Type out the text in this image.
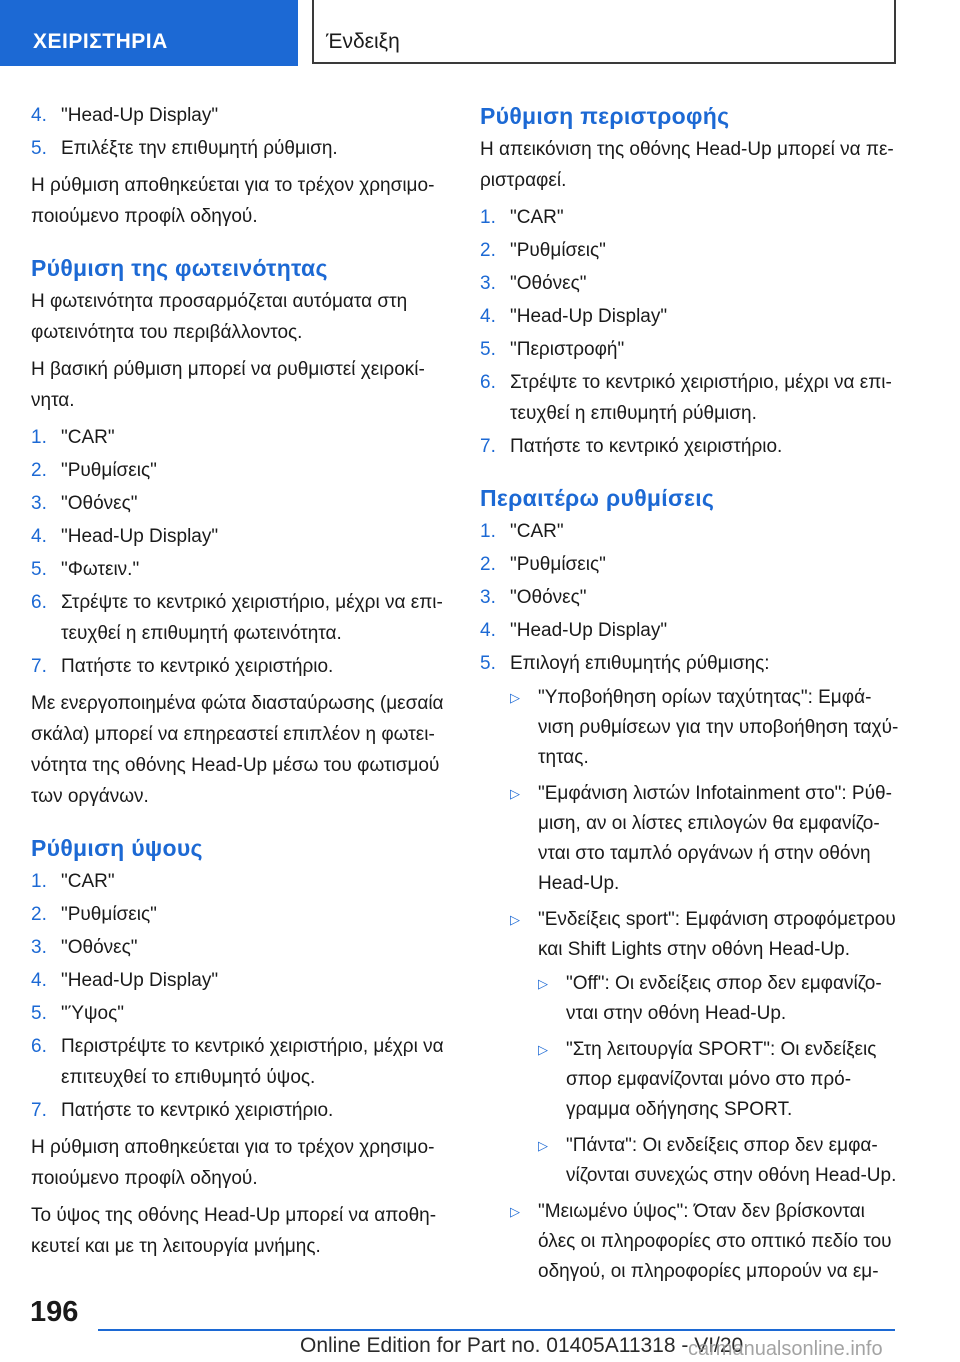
ΧΕΙΡΙΣΤΗΡΙΑ	Ένδειξη
4. "Head-Up Display"
5. Επιλέξτε την επιθυμητή ρύθμιση.

Η ρύθμιση αποθηκεύεται για το τρέχον χρησιμοποιούμενο προφίλ οδηγού.

Ρύθμιση της φωτεινότητας

Η φωτεινότητα προσαρμόζεται αυτόματα στη φωτεινότητα του περιβάλλοντος.

Η βασική ρύθμιση μπορεί να ρυθμιστεί χειροκίνητα.

1. "CAR"
2. "Ρυθμίσεις"
3. "Οθόνες"
4. "Head-Up Display"
5. "Φωτειν."
6. Στρέψτε το κεντρικό χειριστήριο, μέχρι να επιτευχθεί η επιθυμητή φωτεινότητα.
7. Πατήστε το κεντρικό χειριστήριο.

Με ενεργοποιημένα φώτα διασταύρωσης (μεσαία σκάλα) μπορεί να επηρεαστεί επιπλέον η φωτεινότητα της οθόνης Head-Up μέσω του φωτισμού των οργάνων.

Ρύθμιση ύψους
1. "CAR"
2. "Ρυθμίσεις"
3. "Οθόνες"
4. "Head-Up Display"
5. "Ύψος"
6. Περιστρέψτε το κεντρικό χειριστήριο, μέχρι να επιτευχθεί το επιθυμητό ύψος.
7. Πατήστε το κεντρικό χειριστήριο.

Η ρύθμιση αποθηκεύεται για το τρέχον χρησιμοποιούμενο προφίλ οδηγού.

Το ύψος της οθόνης Head-Up μπορεί να αποθηκευτεί και με τη λειτουργία μνήμης.

Ρύθμιση περιστροφής

Η απεικόνιση της οθόνης Head-Up μπορεί να περιστραφεί.

1. "CAR"
2. "Ρυθμίσεις"
3. "Οθόνες"
4. "Head-Up Display"
5. "Περιστροφή"
6. Στρέψτε το κεντρικό χειριστήριο, μέχρι να επιτευχθεί η επιθυμητή ρύθμιση.
7. Πατήστε το κεντρικό χειριστήριο.
Περαιτέρω ρυθμίσεις
1. "CAR"
2. "Ρυθμίσεις"
3. "Οθόνες"
4. "Head-Up Display"
5. Επιλογή επιθυμητής ρύθμισης:
▷ "Υποβοήθηση ορίων ταχύτητας": Εμφάνιση ρυθμίσεων για την υποβοήθηση ταχύτητας.
▷ "Εμφάνιση λιστών Infotainment στο": Ρύθμιση, αν οι λίστες επιλογών θα εμφανίζονται στο ταμπλό οργάνων ή στην οθόνη Head-Up.
▷ "Ενδείξεις sport": Εμφάνιση στροφόμετρου και Shift Lights στην οθόνη Head-Up.
▷ "Off": Οι ενδείξεις σπορ δεν εμφανίζονται στην οθόνη Head-Up.
▷ "Στη λειτουργία SPORT": Οι ενδείξεις σπορ εμφανίζονται μόνο στο πρόγραμμα οδήγησης SPORT.
▷ "Πάντα": Οι ενδείξεις σπορ δεν εμφανίζονται συνεχώς στην οθόνη Head-Up.
▷ "Μειωμένο ύψος": Όταν δεν βρίσκονται όλες οι πληροφορίες στο οπτικό πεδίο του οδηγού, οι πληροφορίες μπορούν να εμ-
196
Online Edition for Part no. 01405A11318 - VI/20
carmanualsonline.info
